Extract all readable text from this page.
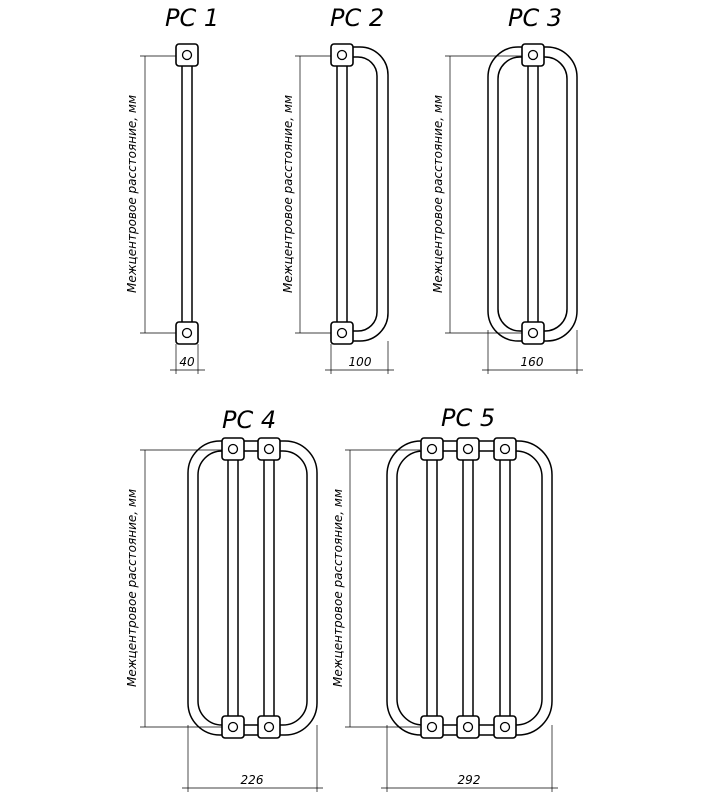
PC 1
Межцентровое расстояние, мм
40
PC 2
Межцентровое расстояние, мм
100
PC 3
Межцентровое расстояние, мм
160
PC 4
Межцентровое расстояние, мм
226
PC 5
Межцентровое расстояние, мм
292
